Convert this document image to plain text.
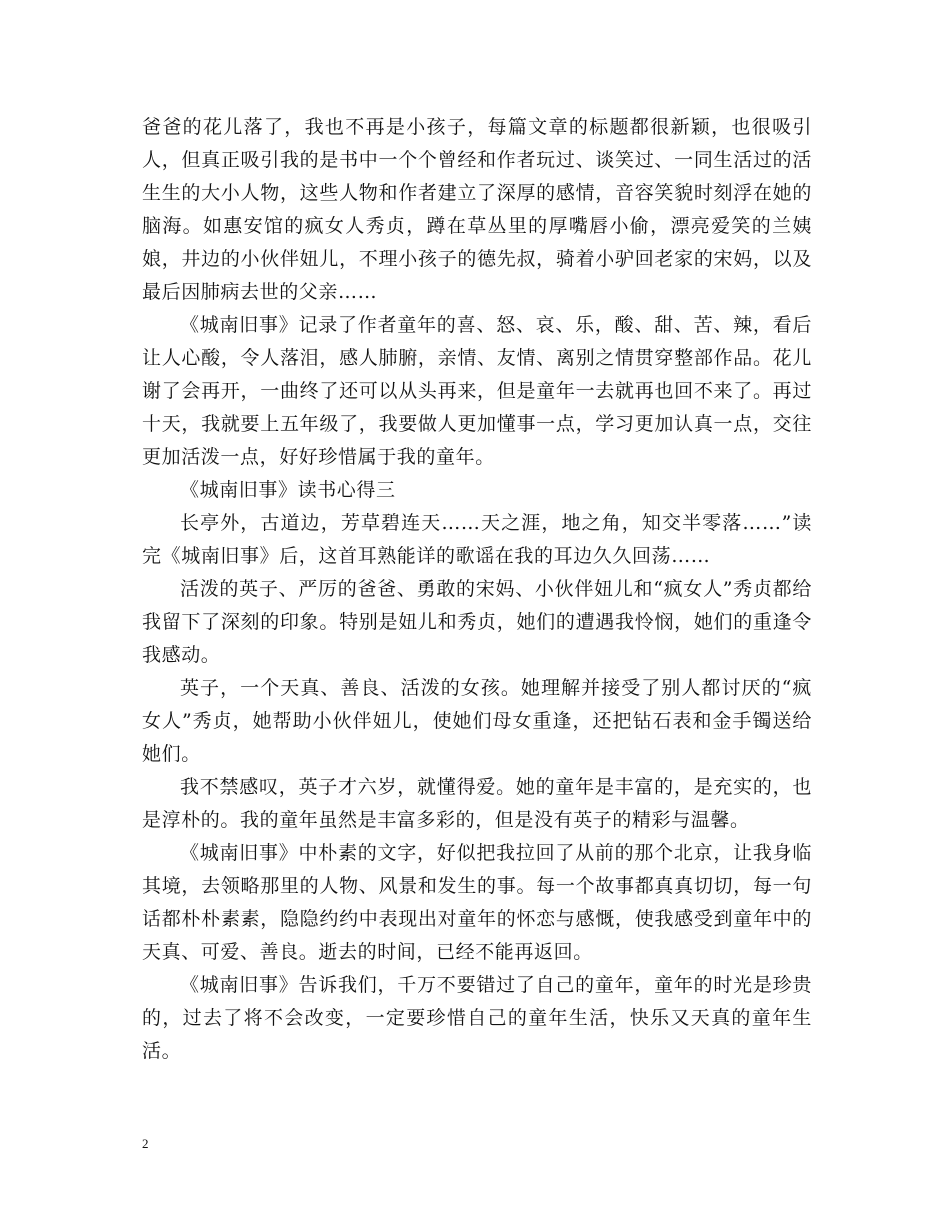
爸爸的花儿落了，我也不再是小孩子，每篇文章的标题都很新颖，也很吸引人，但真正吸引我的是书中一个个曾经和作者玩过、谈笑过、一同生活过的活生生的大小人物，这些人物和作者建立了深厚的感情，音容笑貌时刻浮在她的脑海。如惠安馆的疯女人秀贞，蹲在草丛里的厚嘴唇小偷，漂亮爱笑的兰姨娘，井边的小伙伴妞儿，不理小孩子的德先叔，骑着小驴回老家的宋妈，以及最后因肺病去世的父亲……

《城南旧事》记录了作者童年的喜、怒、哀、乐，酸、甜、苦、辣，看后让人心酸，令人落泪，感人肺腑，亲情、友情、离别之情贯穿整部作品。花儿谢了会再开，一曲终了还可以从头再来，但是童年一去就再也回不来了。再过十天，我就要上五年级了，我要做人更加懂事一点，学习更加认真一点，交往更加活泼一点，好好珍惜属于我的童年。

《城南旧事》读书心得三

长亭外，古道边，芳草碧连天……天之涯，地之角，知交半零落……”读完《城南旧事》后，这首耳熟能详的歌谣在我的耳边久久回荡……

活泼的英子、严厉的爸爸、勇敢的宋妈、小伙伴妞儿和“疯女人”秀贞都给我留下了深刻的印象。特别是妞儿和秀贞，她们的遭遇我怜悯，她们的重逢令我感动。

英子，一个天真、善良、活泼的女孩。她理解并接受了别人都讨厌的“疯女人”秀贞，她帮助小伙伴妞儿，使她们母女重逢，还把钻石表和金手镯送给她们。

我不禁感叹，英子才六岁，就懂得爱。她的童年是丰富的，是充实的，也是淳朴的。我的童年虽然是丰富多彩的，但是没有英子的精彩与温馨。

《城南旧事》中朴素的文字，好似把我拉回了从前的那个北京，让我身临其境，去领略那里的人物、风景和发生的事。每一个故事都真真切切，每一句话都朴朴素素，隐隐约约中表现出对童年的怀恋与感慨，使我感受到童年中的天真、可爱、善良。逝去的时间，已经不能再返回。

《城南旧事》告诉我们，千万不要错过了自己的童年，童年的时光是珍贵的，过去了将不会改变，一定要珍惜自己的童年生活，快乐又天真的童年生活。

2
